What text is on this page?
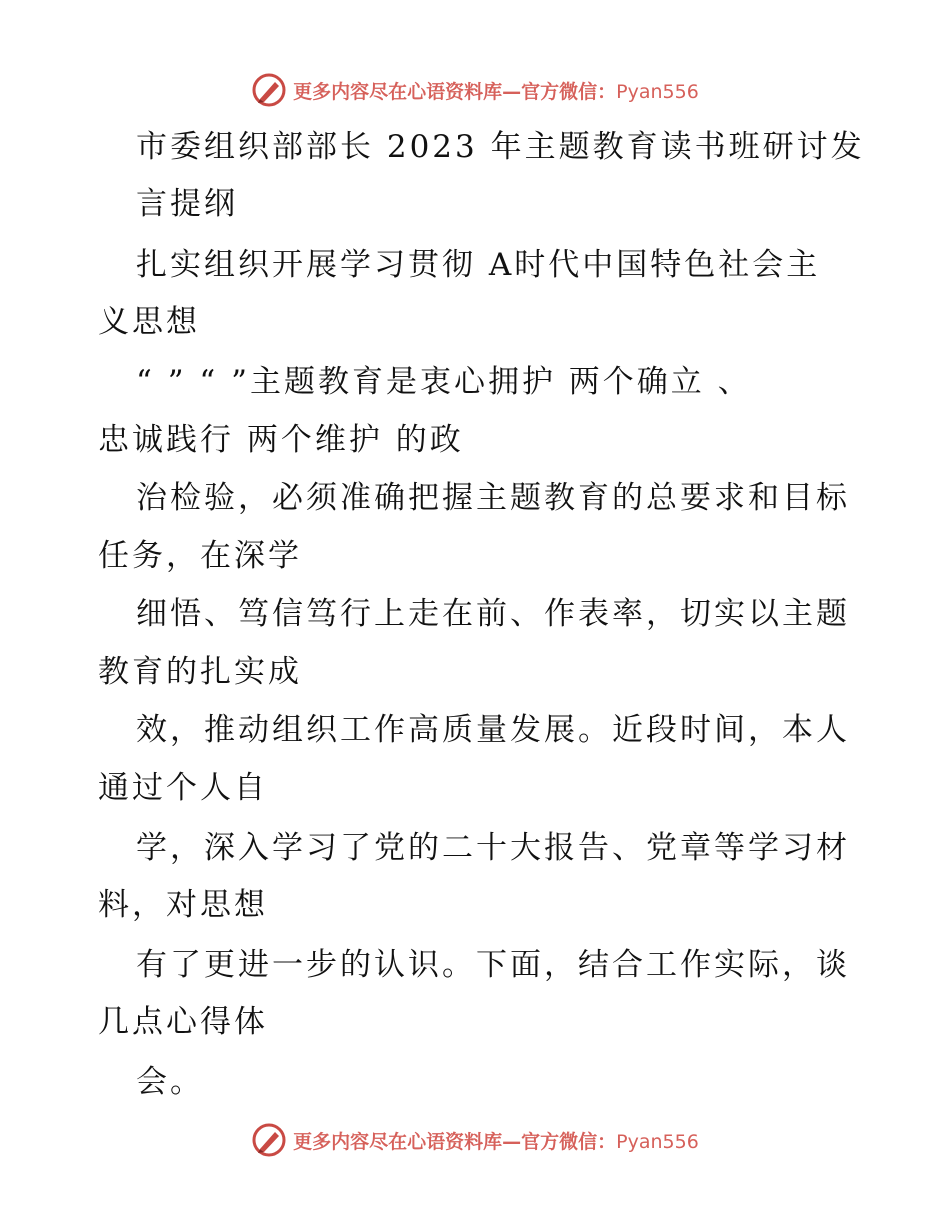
更多内容尽在心语资料库—官方微信：Pyan556
市委组织部部长 2023 年主题教育读书班研讨发
言提纲
扎实组织开展学习贯彻 A时代中国特色社会主
义思想
“ ” “ ”主题教育是衷心拥护 两个确立 、
忠诚践行 两个维护 的政
治检验，必须准确把握主题教育的总要求和目标
任务，在深学
细悟、笃信笃行上走在前、作表率，切实以主题
教育的扎实成
效，推动组织工作高质量发展。近段时间，本人
通过个人自
学，深入学习了党的二十大报告、党章等学习材
料，对思想
有了更进一步的认识。下面，结合工作实际，谈
几点心得体
会。
更多内容尽在心语资料库—官方微信：Pyan556
